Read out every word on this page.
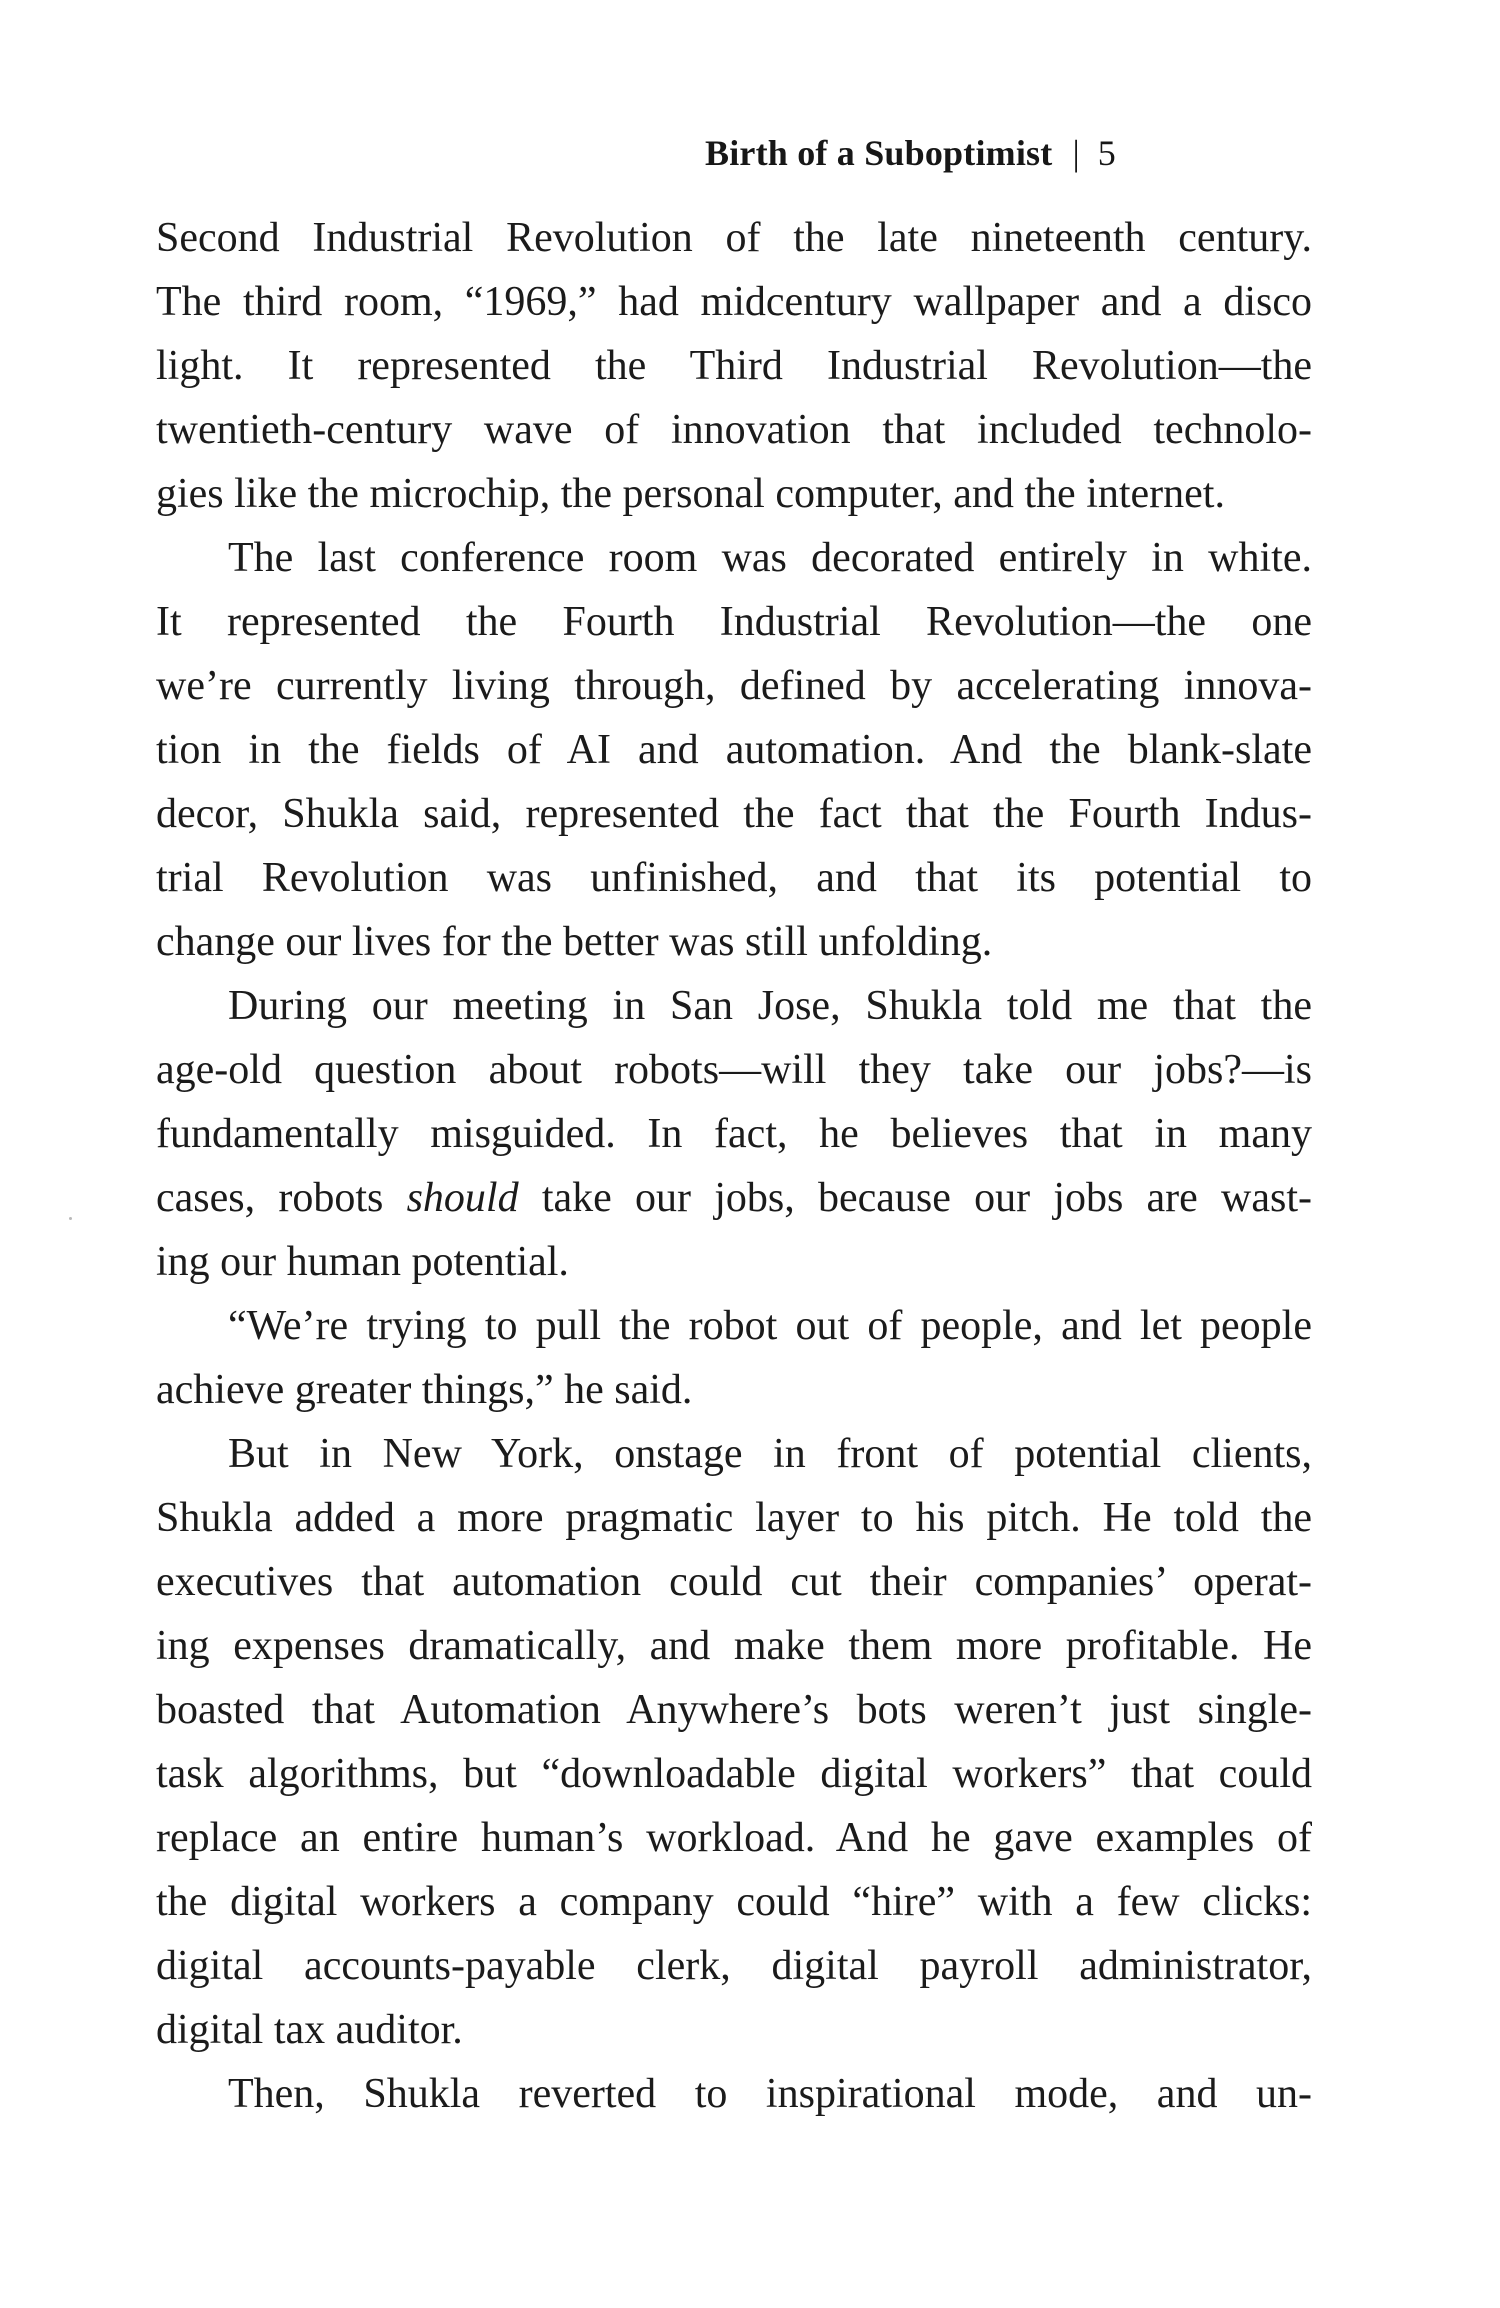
Birth of a Suboptimist | 5
Second Industrial Revolution of the late nineteenth century.
The third room, “1969,” had midcentury wallpaper and a disco
light. It represented the Third Industrial Revolution—the
twentieth-century wave of innovation that included technolo-
gies like the microchip, the personal computer, and the internet.
The last conference room was decorated entirely in white.
It represented the Fourth Industrial Revolution—the one
we’re currently living through, defined by accelerating innova-
tion in the fields of AI and automation. And the blank-slate
decor, Shukla said, represented the fact that the Fourth Indus-
trial Revolution was unfinished, and that its potential to
change our lives for the better was still unfolding.
During our meeting in San Jose, Shukla told me that the
age-old question about robots—will they take our jobs?—is
fundamentally misguided. In fact, he believes that in many
cases, robots should take our jobs, because our jobs are wast-
ing our human potential.
“We’re trying to pull the robot out of people, and let people
achieve greater things,” he said.
But in New York, onstage in front of potential clients,
Shukla added a more pragmatic layer to his pitch. He told the
executives that automation could cut their companies’ operat-
ing expenses dramatically, and make them more profitable. He
boasted that Automation Anywhere’s bots weren’t just single-
task algorithms, but “downloadable digital workers” that could
replace an entire human’s workload. And he gave examples of
the digital workers a company could “hire” with a few clicks:
digital accounts-payable clerk, digital payroll administrator,
digital tax auditor.
Then, Shukla reverted to inspirational mode, and un-
